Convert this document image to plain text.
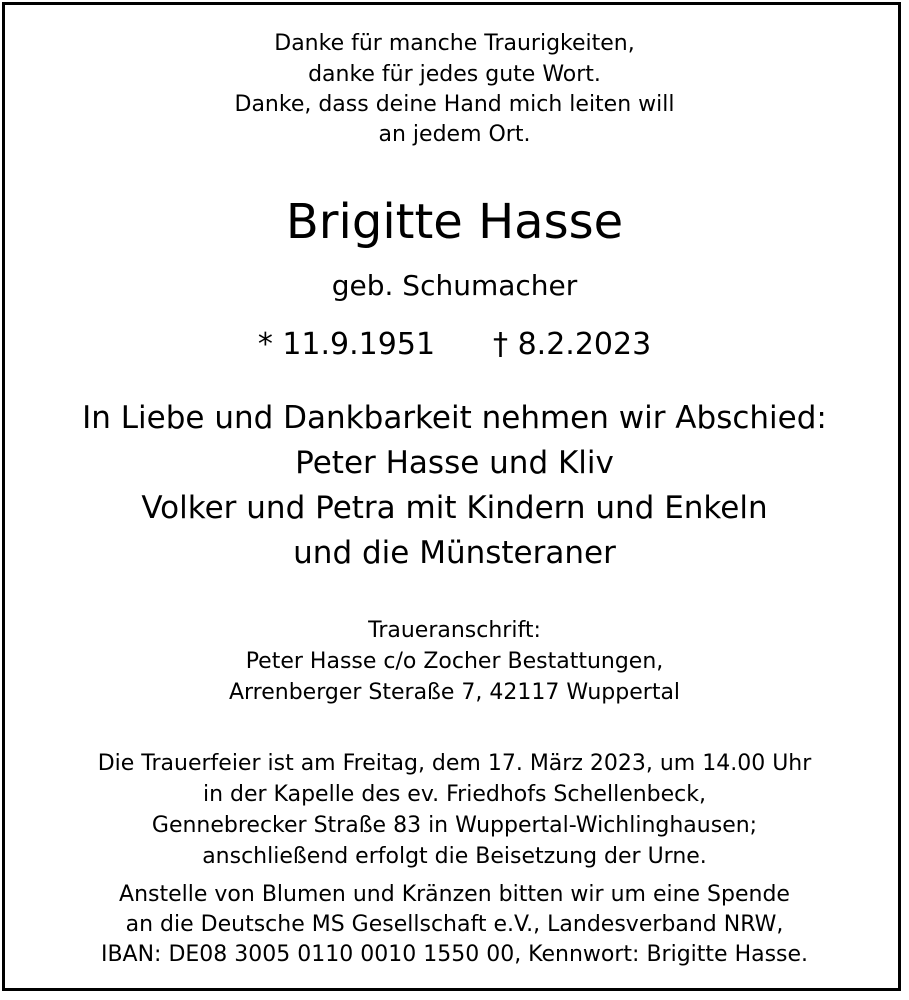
Danke für manche Traurigkeiten,
danke für jedes gute Wort.
Danke, dass deine Hand mich leiten will
an jedem Ort.
Brigitte Hasse
geb. Schumacher
* 11.9.1951 † 8.2.2023
In Liebe und Dankbarkeit nehmen wir Abschied:
Peter Hasse und Kliv
Volker und Petra mit Kindern und Enkeln
und die Münsteraner
Traueranschrift:
Peter Hasse c/o Zocher Bestattungen,
Arrenberger Steraße 7, 42117 Wuppertal
Die Trauerfeier ist am Freitag, dem 17. März 2023, um 14.00 Uhr
in der Kapelle des ev. Friedhofs Schellenbeck,
Gennebrecker Straße 83 in Wuppertal-Wichlinghausen;
anschließend erfolgt die Beisetzung der Urne.
Anstelle von Blumen und Kränzen bitten wir um eine Spende
an die Deutsche MS Gesellschaft e.V., Landesverband NRW,
IBAN: DE08 3005 0110 0010 1550 00, Kennwort: Brigitte Hasse.
